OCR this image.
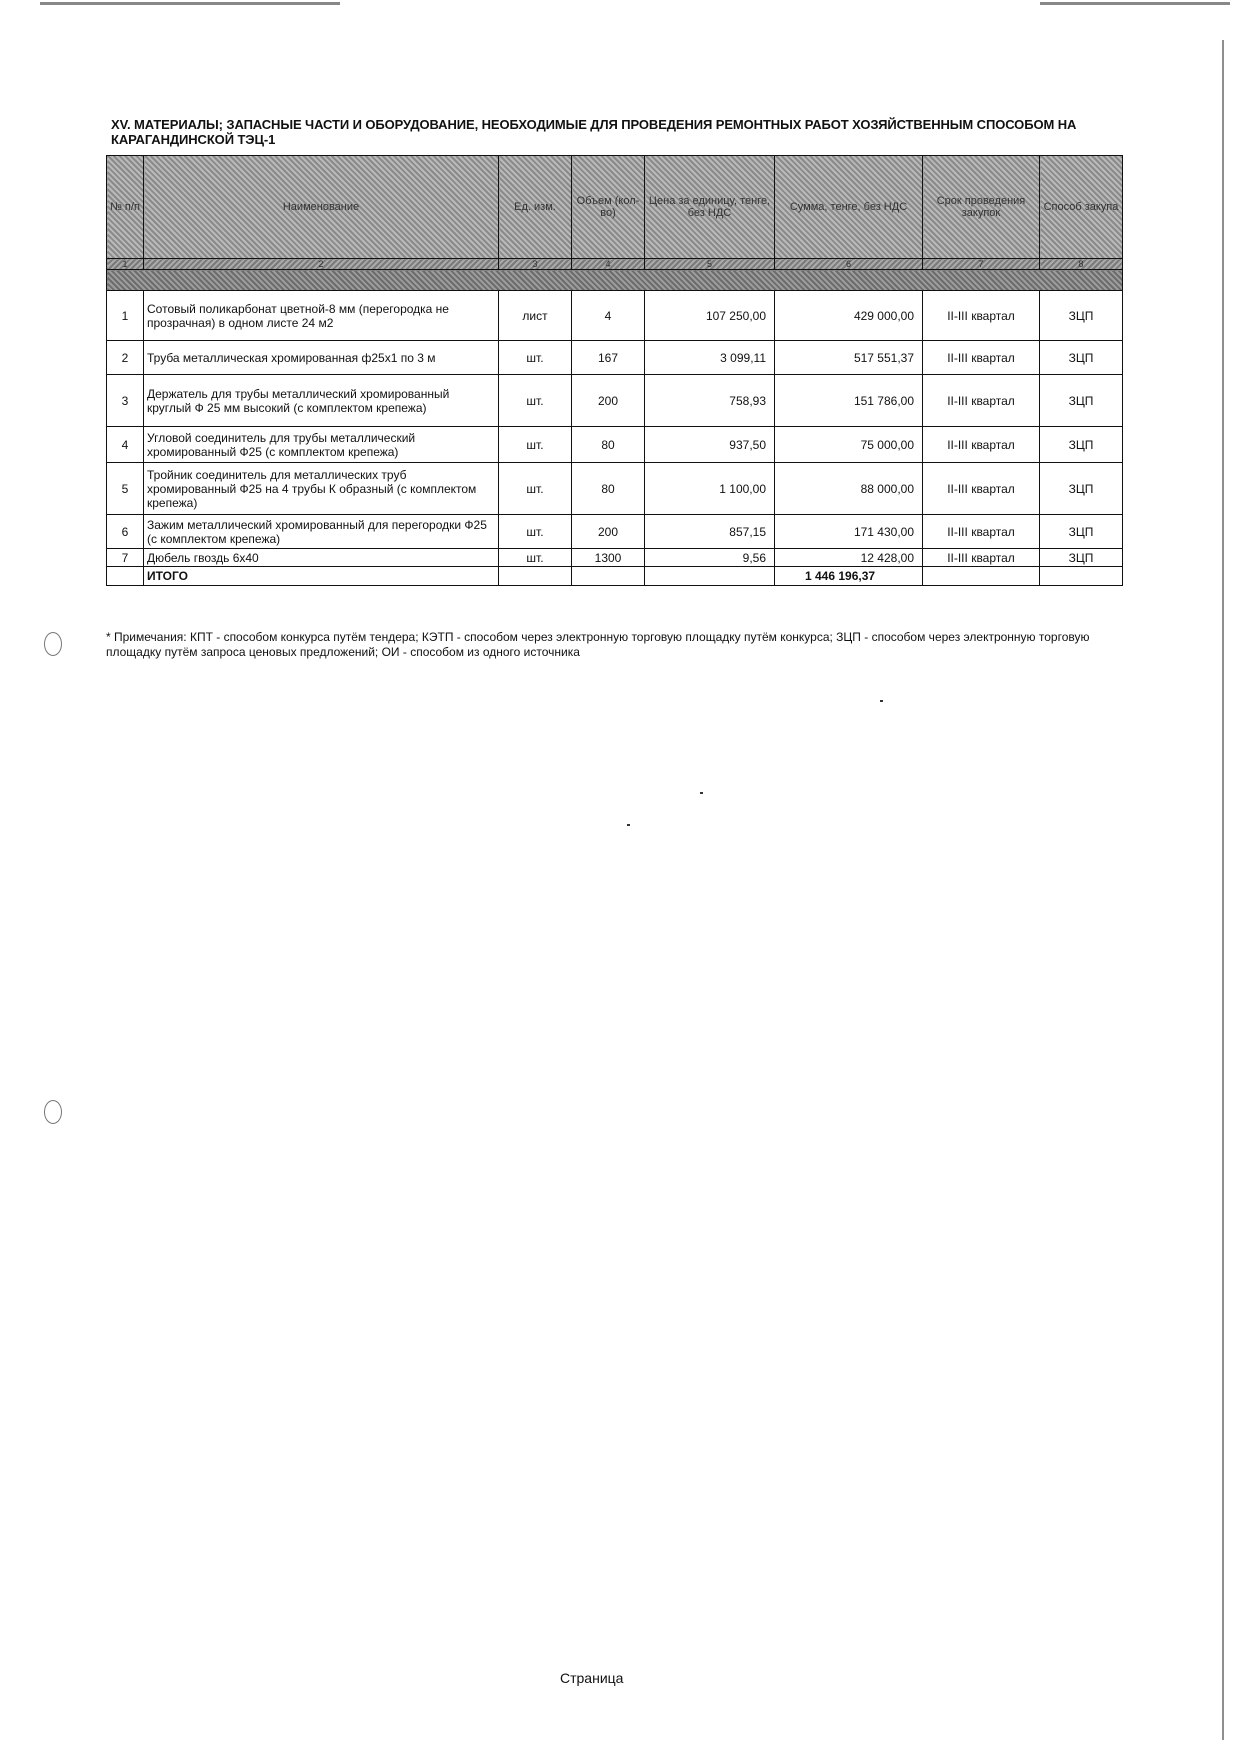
XV. МАТЕРИАЛЫ; ЗАПАСНЫЕ ЧАСТИ И ОБОРУДОВАНИЕ, НЕОБХОДИМЫЕ ДЛЯ ПРОВЕДЕНИЯ РЕМОНТНЫХ РАБОТ ХОЗЯЙСТВЕННЫМ СПОСОБОМ НА КАРАГАНДИНСКОЙ ТЭЦ-1
№ п/п	Наименование	Ед. изм.	Объем (кол-во)	Цена за единицу, тенге, без НДС	Сумма, тенге, без НДС	Срок проведения закупок	Способ закупа
1	2	3	4	5	6	7	8

1	Сотовый поликарбонат цветной-8 мм (перегородка не прозрачная) в одном листе 24 м2	лист	4	107 250,00	429 000,00	II-III квартал	ЗЦП
2	Труба металлическая хромированная ф25х1 по 3 м	шт.	167	3 099,11	517 551,37	II-III квартал	ЗЦП
3	Держатель для трубы металлический хромированный круглый Ф 25 мм высокий (с комплектом крепежа)	шт.	200	758,93	151 786,00	II-III квартал	ЗЦП
4	Угловой соединитель для трубы металлический хромированный Ф25 (с комплектом крепежа)	шт.	80	937,50	75 000,00	II-III квартал	ЗЦП
5	Тройник соединитель для металлических труб хромированный Ф25 на 4 трубы К образный (с комплектом крепежа)	шт.	80	1 100,00	88 000,00	II-III квартал	ЗЦП
6	Зажим металлический хромированный для перегородки Ф25 (с комплектом крепежа)	шт.	200	857,15	171 430,00	II-III квартал	ЗЦП
7	Дюбель гвоздь 6х40	шт.	1300	9,56	12 428,00	II-III квартал	ЗЦП
	ИТОГО				1 446 196,37		
* Примечания: КПТ - способом конкурса путём тендера; КЭТП - способом через электронную торговую площадку путём конкурса; ЗЦП - способом через электронную торговую площадку путём запроса ценовых предложений; ОИ - способом из одного источника
Страница
